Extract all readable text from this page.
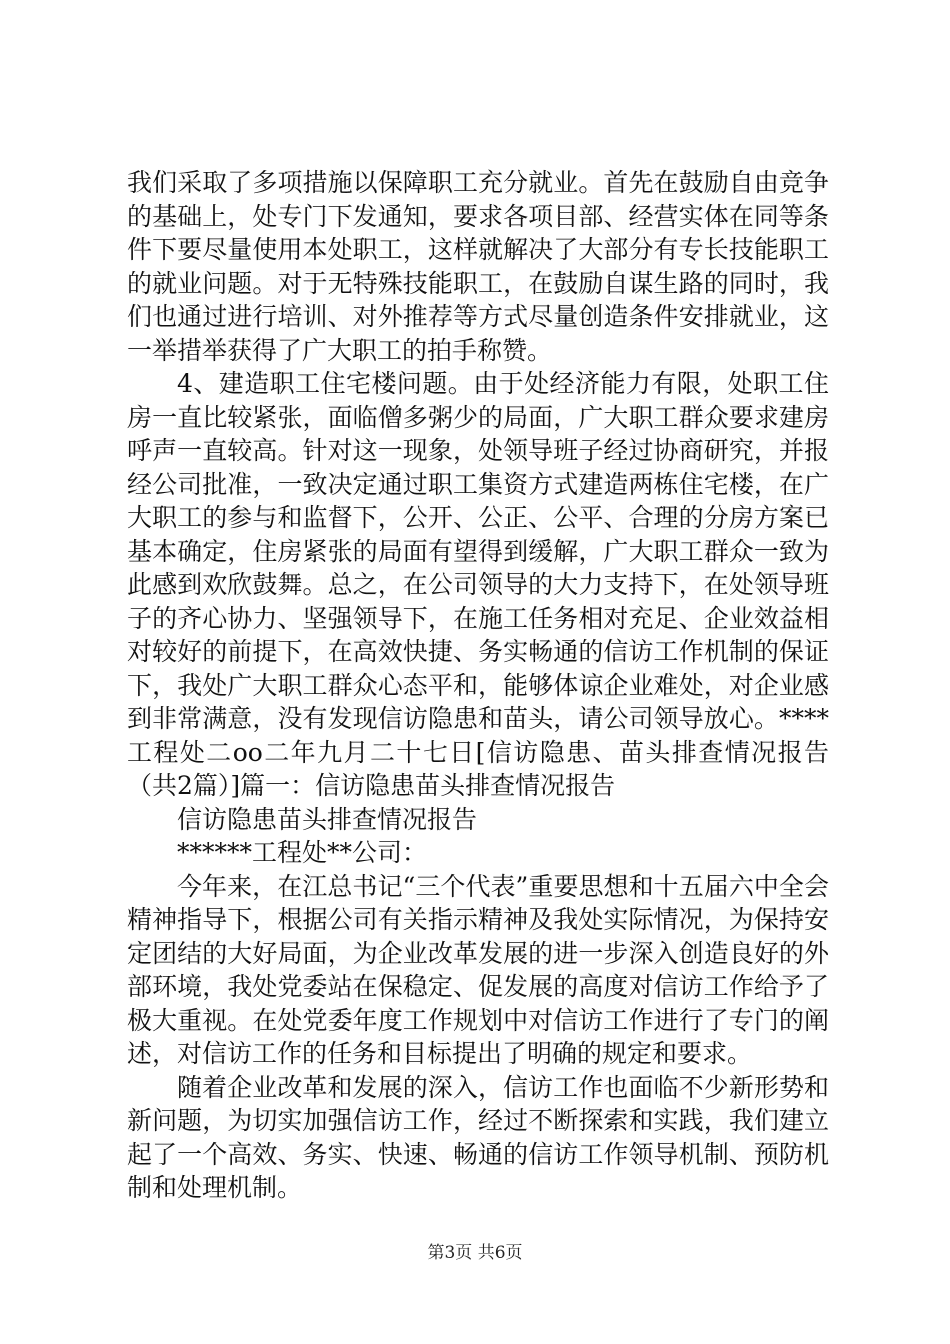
我们采取了多项措施以保障职工充分就业。首先在鼓励自由竞争的基础上，处专门下发通知，要求各项目部、经营实体在同等条件下要尽量使用本处职工，这样就解决了大部分有专长技能职工的就业问题。对于无特殊技能职工，在鼓励自谋生路的同时，我们也通过进行培训、对外推荐等方式尽量创造条件安排就业，这一举措举获得了广大职工的拍手称赞。

4、建造职工住宅楼问题。由于处经济能力有限，处职工住房一直比较紧张，面临僧多粥少的局面，广大职工群众要求建房呼声一直较高。针对这一现象，处领导班子经过协商研究，并报经公司批准，一致决定通过职工集资方式建造两栋住宅楼，在广大职工的参与和监督下，公开、公正、公平、合理的分房方案已基本确定，住房紧张的局面有望得到缓解，广大职工群众一致为此感到欢欣鼓舞。总之，在公司领导的大力支持下，在处领导班子的齐心协力、坚强领导下，在施工任务相对充足、企业效益相对较好的前提下，在高效快捷、务实畅通的信访工作机制的保证下，我处广大职工群众心态平和，能够体谅企业难处，对企业感到非常满意，没有发现信访隐患和苗头，请公司领导放心。****工程处二oo二年九月二十七日[信访隐患、苗头排查情况报告（共2篇）]篇一：信访隐患苗头排查情况报告

信访隐患苗头排查情况报告

******工程处**公司：

今年来，在江总书记“三个代表”重要思想和十五届六中全会精神指导下，根据公司有关指示精神及我处实际情况，为保持安定团结的大好局面，为企业改革发展的进一步深入创造良好的外部环境，我处党委站在保稳定、促发展的高度对信访工作给予了极大重视。在处党委年度工作规划中对信访工作进行了专门的阐述，对信访工作的任务和目标提出了明确的规定和要求。

随着企业改革和发展的深入，信访工作也面临不少新形势和新问题，为切实加强信访工作，经过不断探索和实践，我们建立起了一个高效、务实、快速、畅通的信访工作领导机制、预防机制和处理机制。

第3页 共6页
